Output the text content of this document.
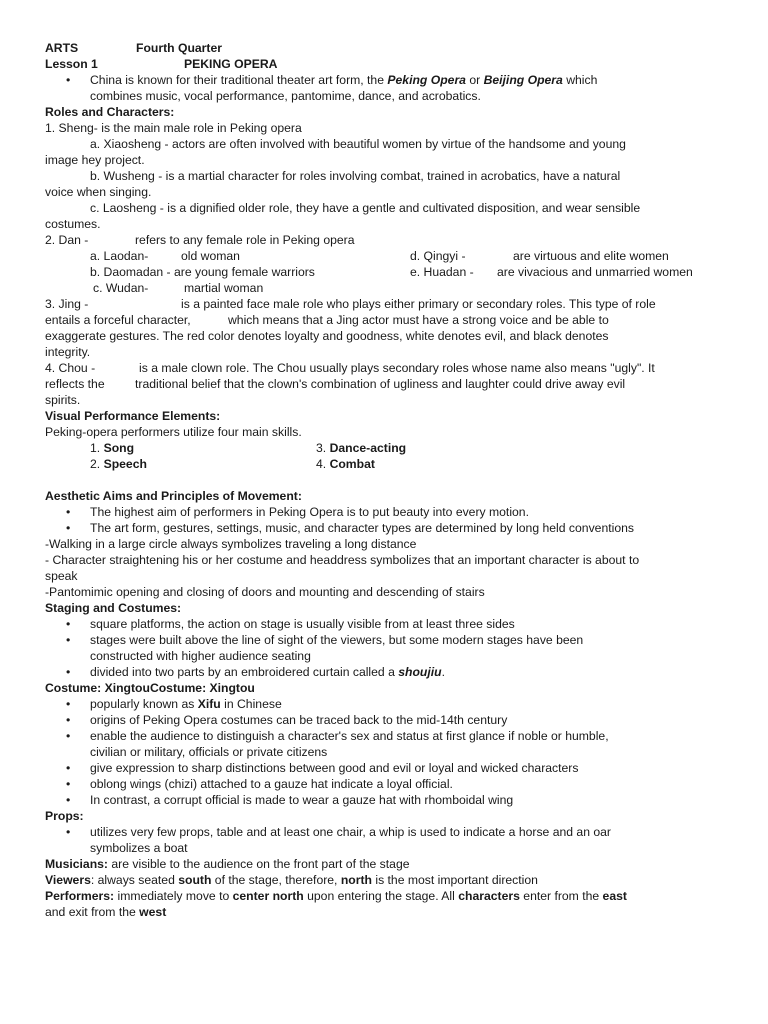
ARTS	Fourth Quarter
Lesson 1	PEKING OPERA
• China is known for their traditional theater art form, the Peking Opera or Beijing Opera which
combines music, vocal performance, pantomime, dance, and acrobatics.
Roles and Characters:
1. Sheng- is the main male role in Peking opera
a. Xiaosheng - actors are often involved with beautiful women by virtue of the handsome and young
image hey project.
b. Wusheng - is a martial character for roles involving combat, trained in acrobatics, have a natural
voice when singing.
c. Laosheng - is a dignified older role, they have a gentle and cultivated disposition, and wear sensible
costumes.
2. Dan -	refers to any female role in Peking opera
a. Laodan-	old woman	d. Qingyi -	are virtuous and elite women
b. Daomadan - are young female warriors	e. Huadan - are vivacious and unmarried women
c. Wudan-	martial woman
3. Jing -	is a painted face male role who plays either primary or secondary roles. This type of role
entails a forceful character,	which means that a Jing actor must have a strong voice and be able to
exaggerate gestures. The red color denotes loyalty and goodness, white denotes evil, and black denotes
integrity.
4. Chou -	is a male clown role. The Chou usually plays secondary roles whose name also means "ugly". It
reflects the traditional belief that the clown's combination of ugliness and laughter could drive away evil
spirits.
Visual Performance Elements:
Peking-opera performers utilize four main skills.
1. Song	3. Dance-acting
2. Speech	4. Combat
Aesthetic Aims and Principles of Movement:
• The highest aim of performers in Peking Opera is to put beauty into every motion.
• The art form, gestures, settings, music, and character types are determined by long held conventions
-Walking in a large circle always symbolizes traveling a long distance
- Character straightening his or her costume and headdress symbolizes that an important character is about to
speak
-Pantomimic opening and closing of doors and mounting and descending of stairs
Staging and Costumes:
• square platforms, the action on stage is usually visible from at least three sides
• stages were built above the line of sight of the viewers, but some modern stages have been
constructed with higher audience seating
• divided into two parts by an embroidered curtain called a shoujiu.
Costume: XingtouCostume: Xingtou
• popularly known as Xifu in Chinese
• origins of Peking Opera costumes can be traced back to the mid-14th century
• enable the audience to distinguish a character's sex and status at first glance if noble or humble,
civilian or military, officials or private citizens
• give expression to sharp distinctions between good and evil or loyal and wicked characters
• oblong wings (chizi) attached to a gauze hat indicate a loyal official.
• In contrast, a corrupt official is made to wear a gauze hat with rhomboidal wing
Props:
• utilizes very few props, table and at least one chair, a whip is used to indicate a horse and an oar
symbolizes a boat
Musicians: are visible to the audience on the front part of the stage
Viewers: always seated south of the stage, therefore, north is the most important direction
Performers: immediately move to center north upon entering the stage. All characters enter from the east
and exit from the west
